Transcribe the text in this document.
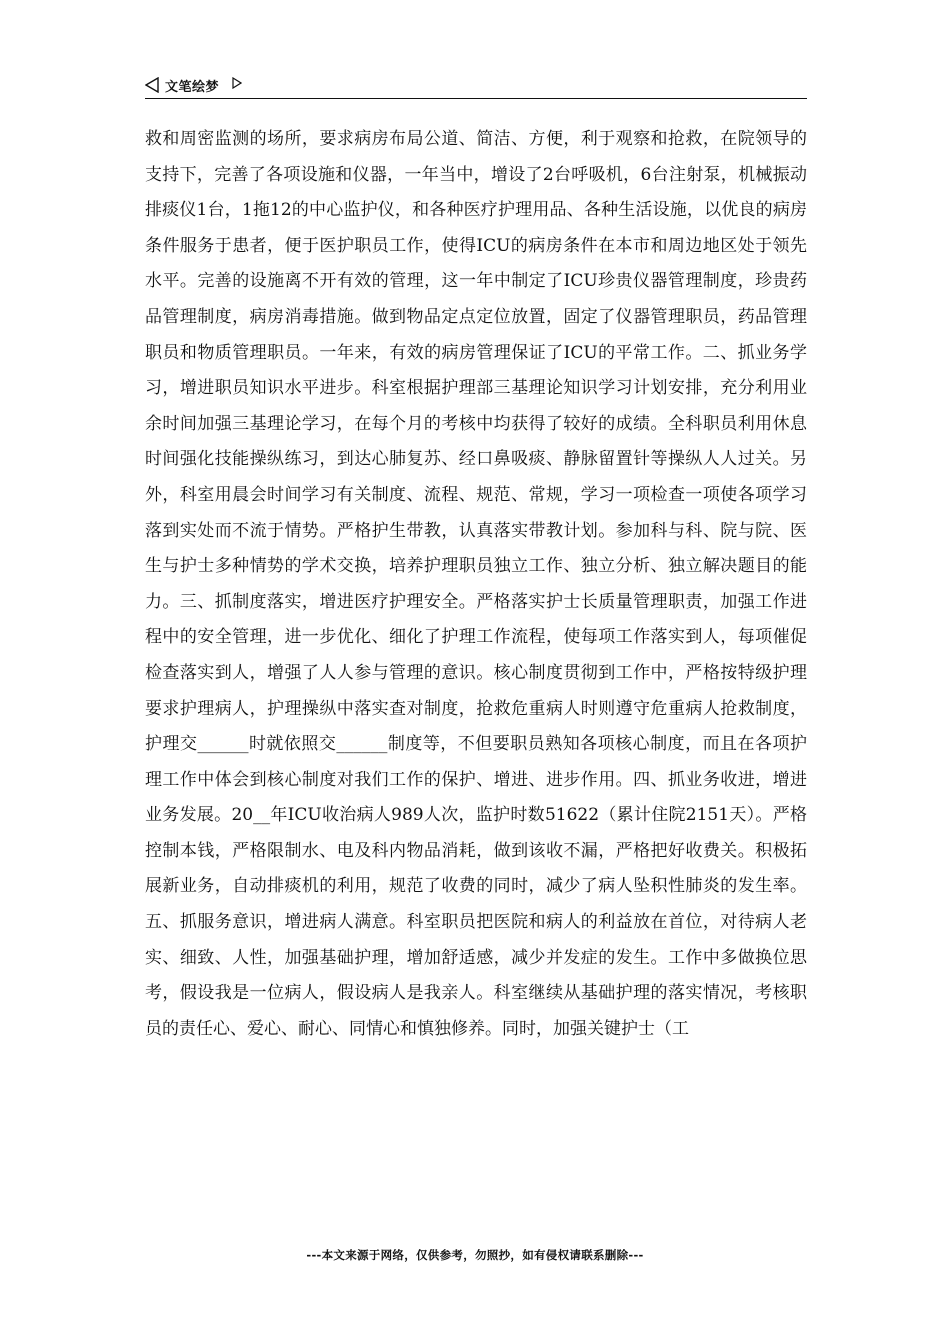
文笔绘梦

救和周密监测的场所，要求病房布局公道、简洁、方便，利于观察和抢救，在院领导的支持下，完善了各项设施和仪器，一年当中，增设了2台呼吸机，6台注射泵，机械振动排痰仪1台，1拖12的中心监护仪，和各种医疗护理用品、各种生活设施，以优良的病房条件服务于患者，便于医护职员工作，使得ICU的病房条件在本市和周边地区处于领先水平。完善的设施离不开有效的管理，这一年中制定了ICU珍贵仪器管理制度，珍贵药品管理制度，病房消毒措施。做到物品定点定位放置，固定了仪器管理职员，药品管理职员和物质管理职员。一年来，有效的病房管理保证了ICU的平常工作。二、抓业务学习，增进职员知识水平进步。科室根据护理部三基理论知识学习计划安排，充分利用业余时间加强三基理论学习，在每个月的考核中均获得了较好的成绩。全科职员利用休息时间强化技能操纵练习，到达心肺复苏、经口鼻吸痰、静脉留置针等操纵人人过关。另外，科室用晨会时间学习有关制度、流程、规范、常规，学习一项检查一项使各项学习落到实处而不流于情势。严格护生带教，认真落实带教计划。参加科与科、院与院、医生与护士多种情势的学术交换，培养护理职员独立工作、独立分析、独立解决题目的能力。三、抓制度落实，增进医疗护理安全。严格落实护士长质量管理职责，加强工作进程中的安全管理，进一步优化、细化了护理工作流程，使每项工作落实到人，每项催促检查落实到人，增强了人人参与管理的意识。核心制度贯彻到工作中，严格按特级护理要求护理病人，护理操纵中落实查对制度，抢救危重病人时则遵守危重病人抢救制度，护理交______时就依照交______制度等，不但要职员熟知各项核心制度，而且在各项护理工作中体会到核心制度对我们工作的保护、增进、进步作用。四、抓业务收进，增进业务发展。20__年ICU收治病人989人次，监护时数51622（累计住院2151天）。严格控制本钱，严格限制水、电及科内物品消耗，做到该收不漏，严格把好收费关。积极拓展新业务，自动排痰机的利用，规范了收费的同时，减少了病人坠积性肺炎的发生率。五、抓服务意识，增进病人满意。科室职员把医院和病人的利益放在首位，对待病人老实、细致、人性，加强基础护理，增加舒适感，减少并发症的发生。工作中多做换位思考，假设我是一位病人，假设病人是我亲人。科室继续从基础护理的落实情况，考核职员的责任心、爱心、耐心、同情心和慎独修养。同时，加强关键护士（工

---本文来源于网络，仅供参考，勿照抄，如有侵权请联系删除---
